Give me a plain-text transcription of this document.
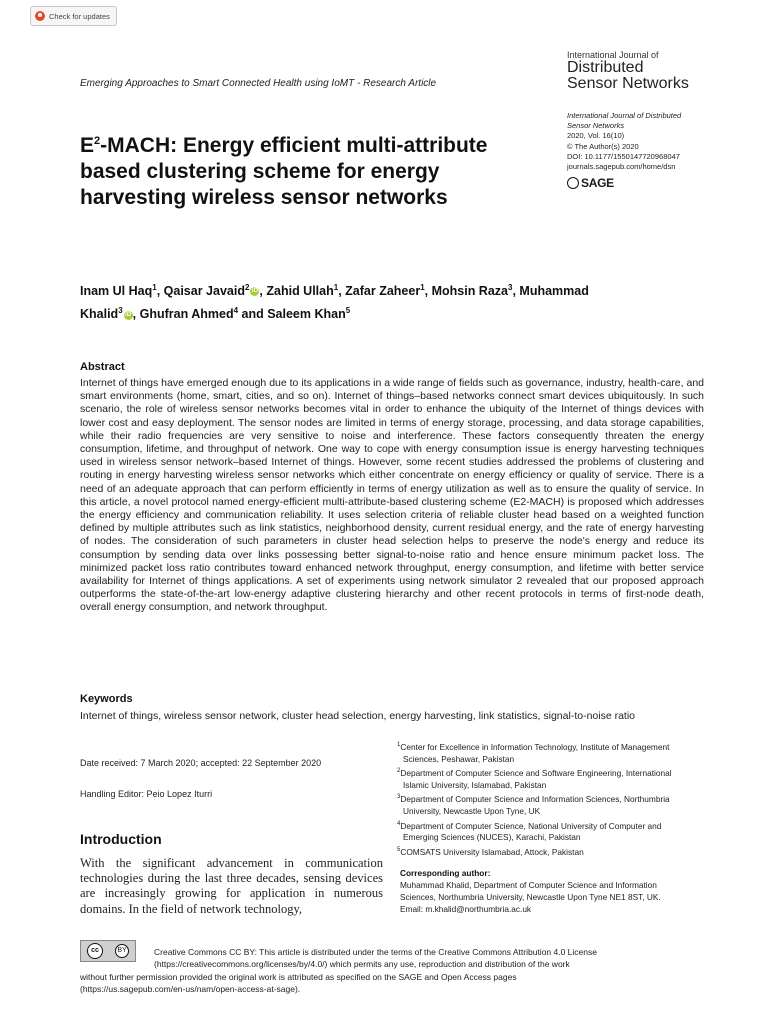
Check for updates
Emerging Approaches to Smart Connected Health using IoMT - Research Article
International Journal of
Distributed
Sensor Networks
International Journal of Distributed
Sensor Networks
2020, Vol. 16(10)
© The Author(s) 2020
DOI: 10.1177/1550147720968047
journals.sagepub.com/home/dsn
SAGE
$E^2$-MACH: Energy efficient multi-attribute based clustering scheme for energy harvesting wireless sensor networks
Inam Ul Haq$^1$, Qaisar Javaid$^2$ iD , Zahid Ullah$^1$, Zafar Zaheer$^1$, Mohsin Raza$^3$, Muhammad Khalid$^3$ iD , Ghufran Ahmed$^4$ and Saleem Khan$^5$
Abstract
Internet of things have emerged enough due to its applications in a wide range of fields such as governance, industry, health-care, and smart environments (home, smart, cities, and so on). Internet of things–based networks connect smart devices ubiquitously. In such scenario, the role of wireless sensor networks becomes vital in order to enhance the ubiquity of the Internet of things devices with lower cost and easy deployment. The sensor nodes are limited in terms of energy storage, processing, and data storage capabilities, while their radio frequencies are very sensitive to noise and interference. These factors consequently threaten the energy consumption, lifetime, and throughput of network. One way to cope with energy consumption issue is energy harvesting techniques used in wireless sensor network–based Internet of things. However, some recent studies addressed the problems of clustering and routing in energy harvesting wireless sensor networks which either concentrate on energy efficiency or quality of service. There is a need of an adequate approach that can perform efficiently in terms of energy utilization as well as to ensure the quality of service. In this article, a novel protocol named energy-efficient multi-attribute-based clustering scheme (E2-MACH) is proposed which addresses the energy efficiency and communication reliability. It uses selection criteria of reliable cluster head based on a weighted function defined by multiple attributes such as link statistics, neighborhood density, current residual energy, and the rate of energy harvesting of nodes. The consideration of such parameters in cluster head selection helps to preserve the node's energy and reduce its consumption by sending data over links possessing better signal-to-noise ratio and hence ensure minimum packet loss. The minimized packet loss ratio contributes toward enhanced network throughput, energy consumption, and lifetime with better service availability for Internet of things applications. A set of experiments using network simulator 2 revealed that our proposed approach outperforms the state-of-the-art low-energy adaptive clustering hierarchy and other recent protocols in terms of first-node death, overall energy consumption, and network throughput.
Keywords
Internet of things, wireless sensor network, cluster head selection, energy harvesting, link statistics, signal-to-noise ratio
Date received: 7 March 2020; accepted: 22 September 2020
Handling Editor: Peio Lopez Iturri
Introduction
With the significant advancement in communication technologies during the last three decades, sensing devices are increasingly growing for application in numerous domains. In the field of network technology,
$^1$Center for Excellence in Information Technology, Institute of Management Sciences, Peshawar, Pakistan
$^2$Department of Computer Science and Software Engineering, International Islamic University, Islamabad, Pakistan
$^3$Department of Computer Science and Information Sciences, Northumbria University, Newcastle Upon Tyne, UK
$^4$Department of Computer Science, National University of Computer and Emerging Sciences (NUCES), Karachi, Pakistan
$^5$COMSATS University Islamabad, Attock, Pakistan
Corresponding author:
Muhammad Khalid, Department of Computer Science and Information
Sciences, Northumbria University, Newcastle Upon Tyne NE1 8ST, UK.
Email: m.khalid@northumbria.ac.uk
cc	BY	Creative Commons CC BY: This article is distributed under the terms of the Creative Commons Attribution 4.0 License
(https://creativecommons.org/licenses/by/4.0/) which permits any use, reproduction and distribution of the work
without further permission provided the original work is attributed as specified on the SAGE and Open Access pages
(https://us.sagepub.com/en-us/nam/open-access-at-sage).
